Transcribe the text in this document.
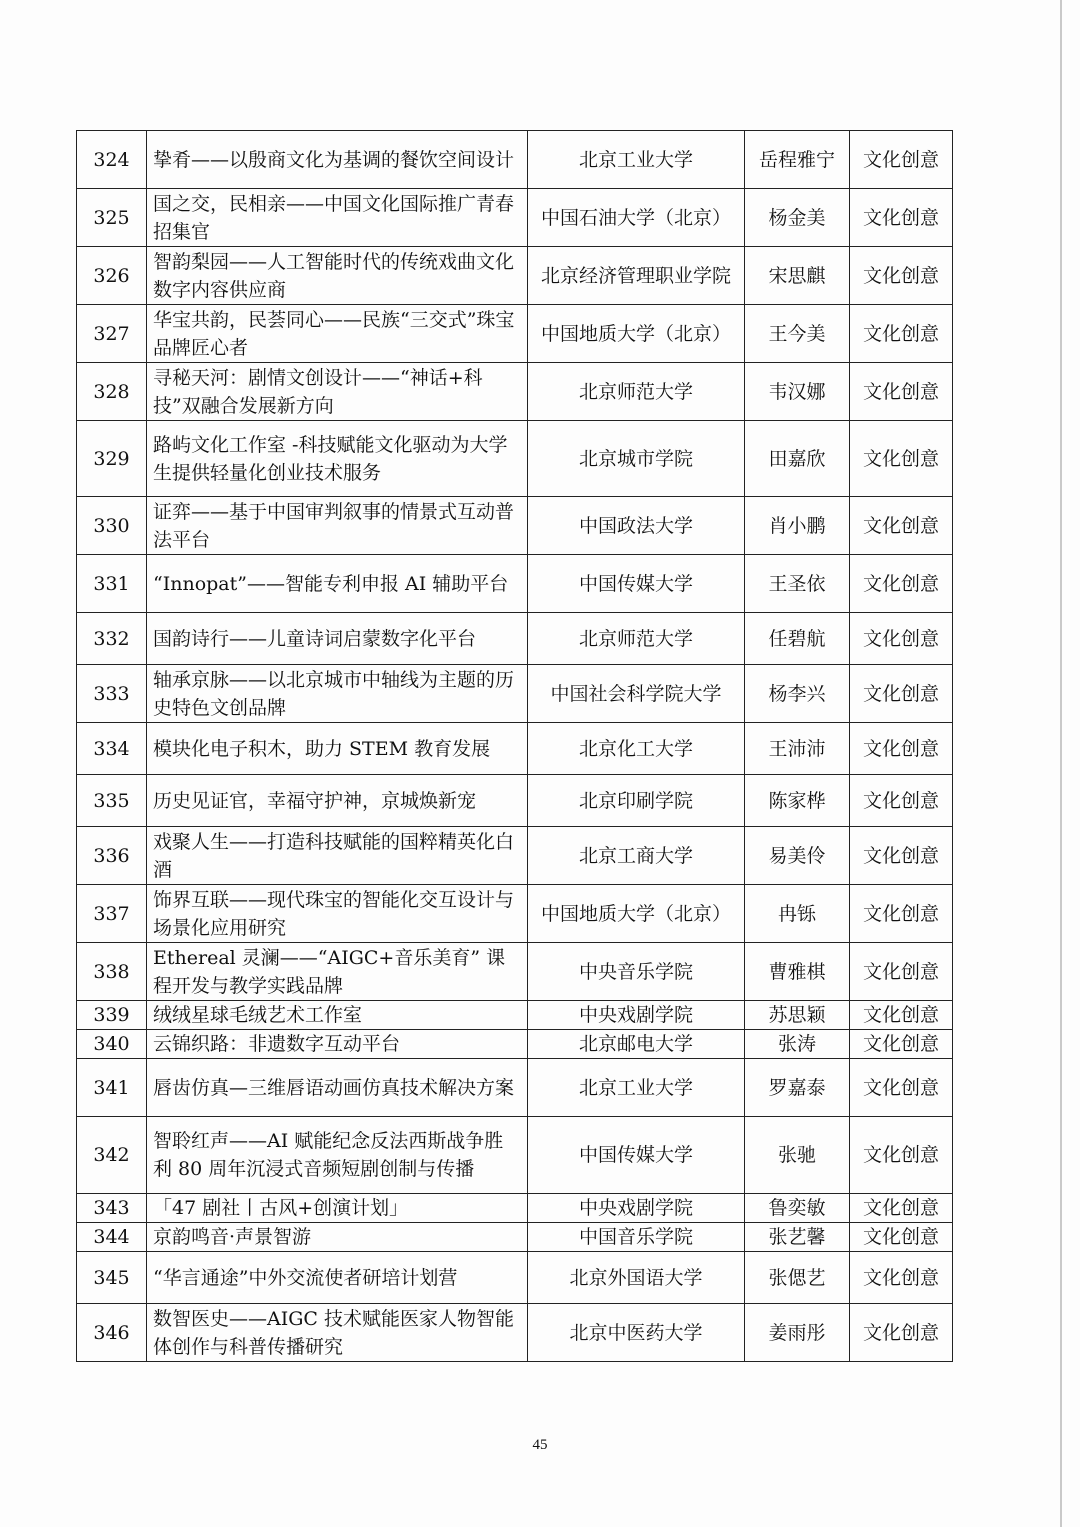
324	挚肴——以殷商文化为基调的餐饮空间设计	北京工业大学	岳程雅宁	文化创意
325	国之交，民相亲——中国文化国际推广青春招集官	中国石油大学（北京）	杨金美	文化创意
326	智韵梨园——人工智能时代的传统戏曲文化数字内容供应商	北京经济管理职业学院	宋思麒	文化创意
327	华宝共韵，民荟同心——民族“三交式”珠宝品牌匠心者	中国地质大学（北京）	王今美	文化创意
328	寻秘天河：剧情文创设计——“神话+科技”双融合发展新方向	北京师范大学	韦汉娜	文化创意
329	路屿文化工作室 -科技赋能文化驱动为大学生提供轻量化创业技术服务	北京城市学院	田嘉欣	文化创意
330	证弈——基于中国审判叙事的情景式互动普法平台	中国政法大学	肖小鹏	文化创意
331	“Innopat”——智能专利申报 AI 辅助平台	中国传媒大学	王圣依	文化创意
332	国韵诗行——儿童诗词启蒙数字化平台	北京师范大学	任碧航	文化创意
333	轴承京脉——以北京城市中轴线为主题的历史特色文创品牌	中国社会科学院大学	杨李兴	文化创意
334	模块化电子积木，助力 STEM 教育发展	北京化工大学	王沛沛	文化创意
335	历史见证官，幸福守护神，京城焕新宠	北京印刷学院	陈家桦	文化创意
336	戏聚人生——打造科技赋能的国粹精英化白酒	北京工商大学	易美伶	文化创意
337	饰界互联——现代珠宝的智能化交互设计与场景化应用研究	中国地质大学（北京）	冉铄	文化创意
338	Ethereal 灵澜——“AIGC+音乐美育” 课程开发与教学实践品牌	中央音乐学院	曹雅棋	文化创意
339	绒绒星球毛绒艺术工作室	中央戏剧学院	苏思颖	文化创意
340	云锦织路：非遗数字互动平台	北京邮电大学	张涛	文化创意
341	唇齿仿真—三维唇语动画仿真技术解决方案	北京工业大学	罗嘉泰	文化创意
342	智聆红声——AI 赋能纪念反法西斯战争胜利 80 周年沉浸式音频短剧创制与传播	中国传媒大学	张驰	文化创意
343	「47 剧社丨古风+创演计划」	中央戏剧学院	鲁奕敏	文化创意
344	京韵鸣音·声景智游	中国音乐学院	张艺馨	文化创意
345	“华言通途”中外交流使者研培计划营	北京外国语大学	张偲艺	文化创意
346	数智医史——AIGC 技术赋能医家人物智能体创作与科普传播研究	北京中医药大学	姜雨彤	文化创意
45
